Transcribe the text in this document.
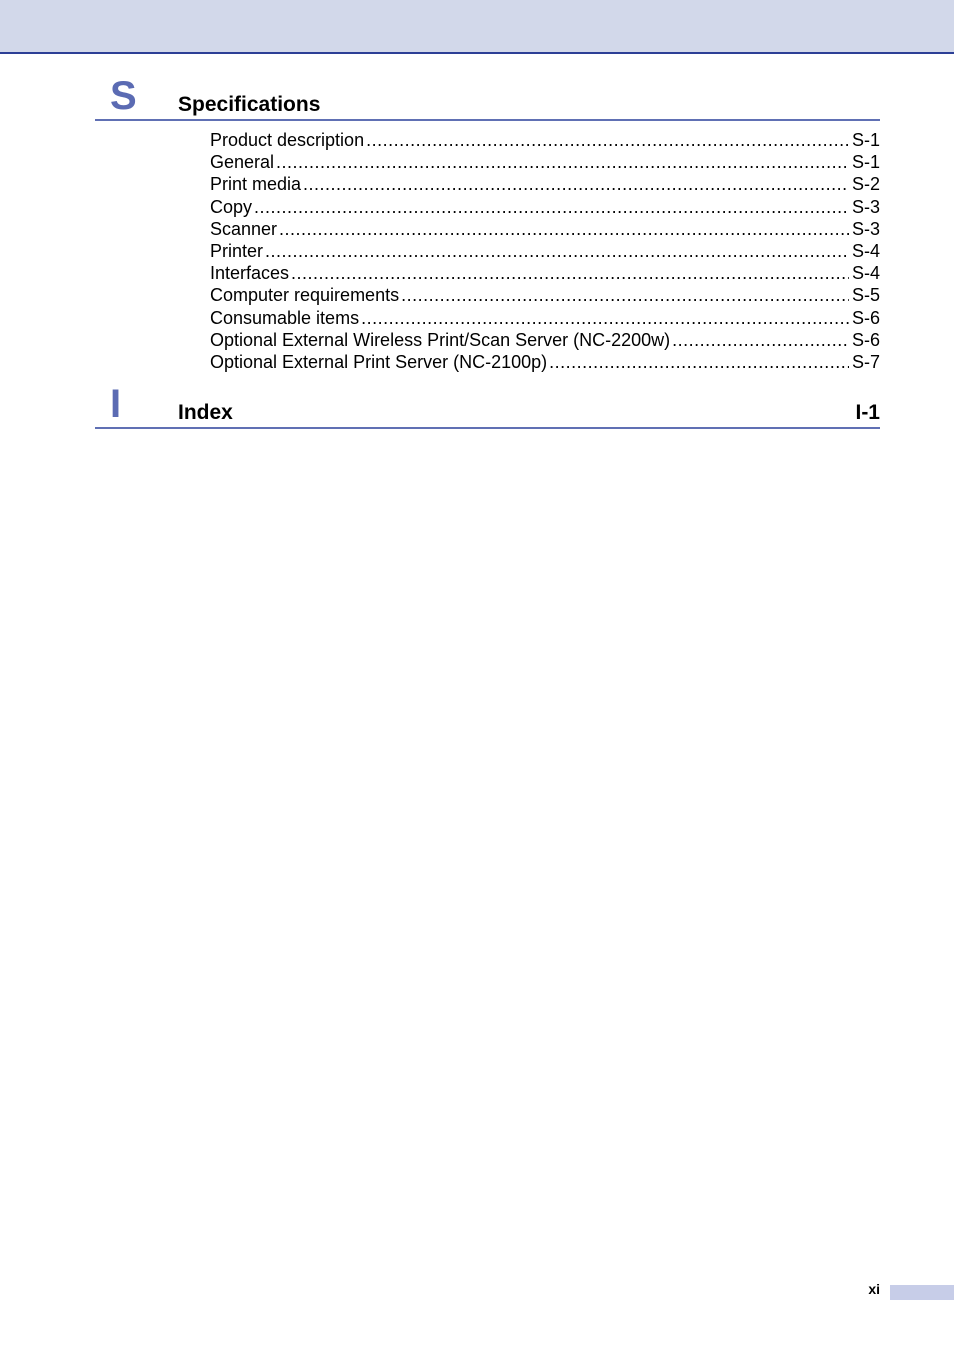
S Specifications
Product description .....	S-1
General .....	S-1
Print media .....	S-2
Copy .....	S-3
Scanner .....	S-3
Printer .....	S-4
Interfaces .....	S-4
Computer requirements .....	S-5
Consumable items .....	S-6
Optional External Wireless Print/Scan Server (NC-2200w) .....	S-6
Optional External Print Server (NC-2100p) .....	S-7
I	Index	I-1
xi
